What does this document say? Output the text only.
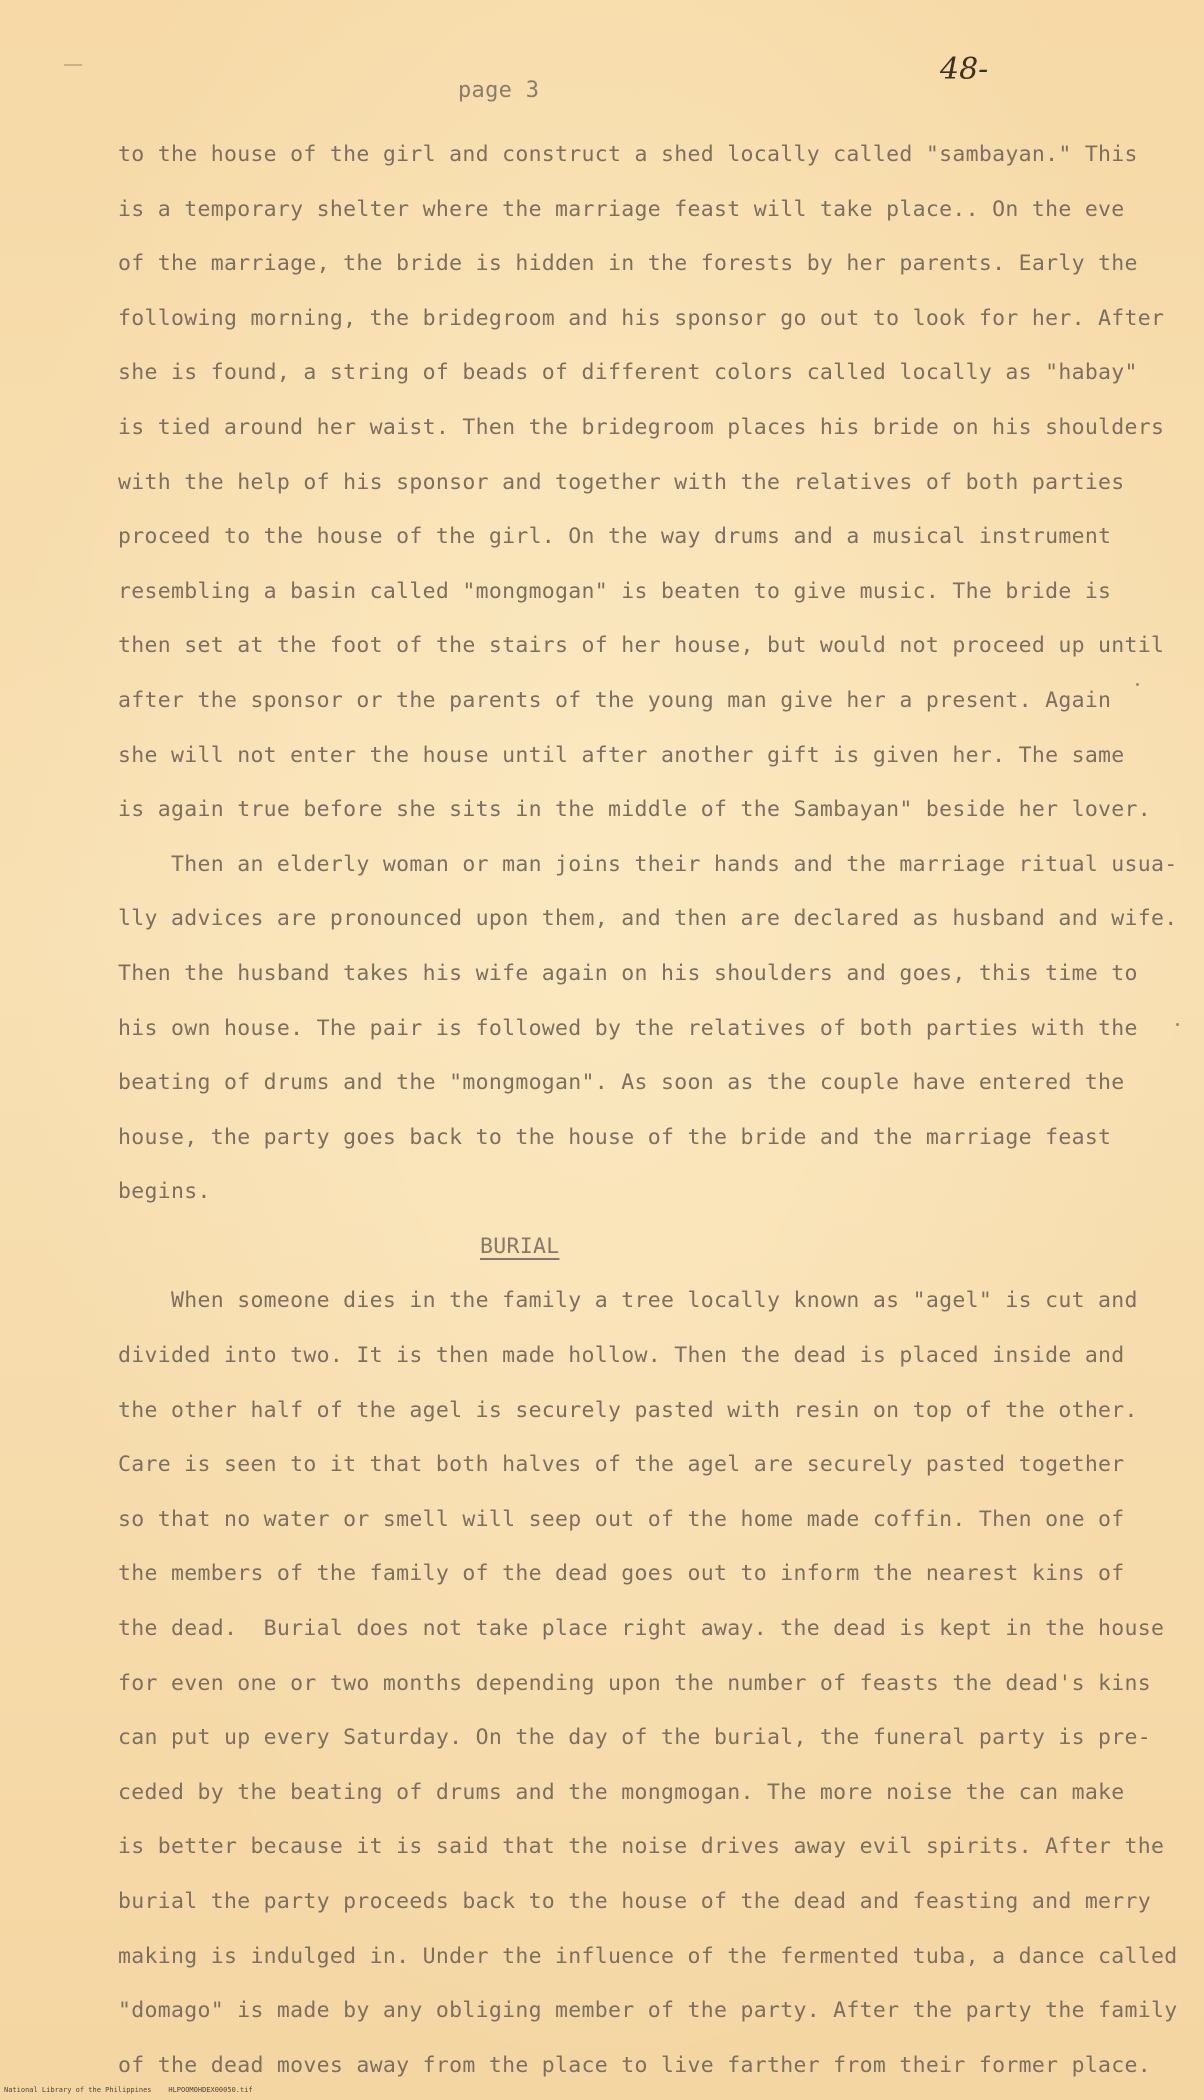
page 3
48-
to the house of the girl and construct a shed locally called "sambayan." This
is a temporary shelter where the marriage feast will take place.. On the eve
of the marriage, the bride is hidden in the forests by her parents. Early the
following morning, the bridegroom and his sponsor go out to look for her. After
she is found, a string of beads of different colors called locally as "habay"
is tied around her waist. Then the bridegroom places his bride on his shoulders
with the help of his sponsor and together with the relatives of both parties
proceed to the house of the girl. On the way drums and a musical instrument
resembling a basin called "mongmogan" is beaten to give music. The bride is
then set at the foot of the stairs of her house, but would not proceed up until
after the sponsor or the parents of the young man give her a present. Again
she will not enter the house until after another gift is given her. The same
is again true before she sits in the middle of the Sambayan" beside her lover.
Then an elderly woman or man joins their hands and the marriage ritual usua-
lly advices are pronounced upon them, and then are declared as husband and wife.
Then the husband takes his wife again on his shoulders and goes, this time to
his own house. The pair is followed by the relatives of both parties with the
beating of drums and the "mongmogan". As soon as the couple have entered the
house, the party goes back to the house of the bride and the marriage feast
begins.
BURIAL
When someone dies in the family a tree locally known as "agel" is cut and
divided into two. It is then made hollow. Then the dead is placed inside and
the other half of the agel is securely pasted with resin on top of the other.
Care is seen to it that both halves of the agel are securely pasted together
so that no water or smell will seep out of the home made coffin. Then one of
the members of the family of the dead goes out to inform the nearest kins of
the dead.  Burial does not take place right away. the dead is kept in the house
for even one or two months depending upon the number of feasts the dead's kins
can put up every Saturday. On the day of the burial, the funeral party is pre-
ceded by the beating of drums and the mongmogan. The more noise the can make
is better because it is said that the noise drives away evil spirits. After the
burial the party proceeds back to the house of the dead and feasting and merry
making is indulged in. Under the influence of the fermented tuba, a dance called
"domago" is made by any obliging member of the party. After the party the family
of the dead moves away from the place to live farther from their former place.
National Library of the Philippines    HLPOOMOHDEX00050.tif
